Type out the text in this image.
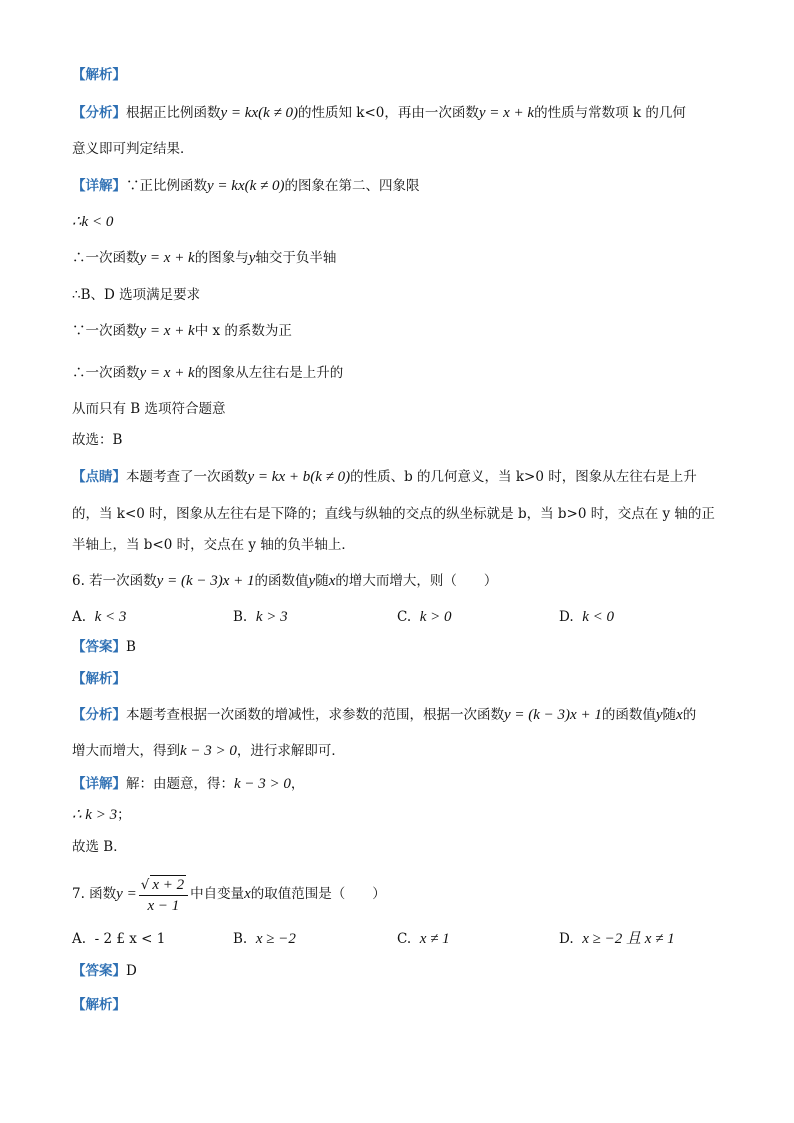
【解析】
【分析】根据正比例函数y = kx(k ≠ 0)的性质知 k<0，再由一次函数y = x + k的性质与常数项 k 的几何
意义即可判定结果．
【详解】∵正比例函数y = kx(k ≠ 0)的图象在第二、四象限
∴k < 0
∴一次函数y = x + k的图象与y轴交于负半轴
∴B、D 选项满足要求
∵一次函数y = x + k中 x 的系数为正
∴一次函数y = x + k的图象从左往右是上升的
从而只有 B 选项符合题意
故选：B
【点睛】本题考查了一次函数y = kx + b(k ≠ 0)的性质、b 的几何意义，当 k>0 时，图象从左往右是上升
的，当 k<0 时，图象从左往右是下降的；直线与纵轴的交点的纵坐标就是 b，当 b>0 时，交点在 y 轴的正
半轴上，当 b<0 时，交点在 y 轴的负半轴上．
6. 若一次函数y = (k − 3)x + 1的函数值y随x的增大而增大，则（　　）
A. k < 3	B. k > 3	C. k > 0	D. k < 0
【答案】B
【解析】
【分析】本题考查根据一次函数的增减性，求参数的范围，根据一次函数y = (k − 3)x + 1的函数值y随x的
增大而增大，得到k − 3 > 0，进行求解即可．
【详解】解：由题意，得：k − 3 > 0，
∴ k > 3；
故选 B．
7. 函数$y = \frac{√ x + 2}{x - 1}$ 中自变量x的取值范围是（　　）
A. - 2 £ x < 1	B. x ≥ −2	C. x ≠ 1	D. x ≥ −2 且 x ≠ 1
【答案】D
【解析】
